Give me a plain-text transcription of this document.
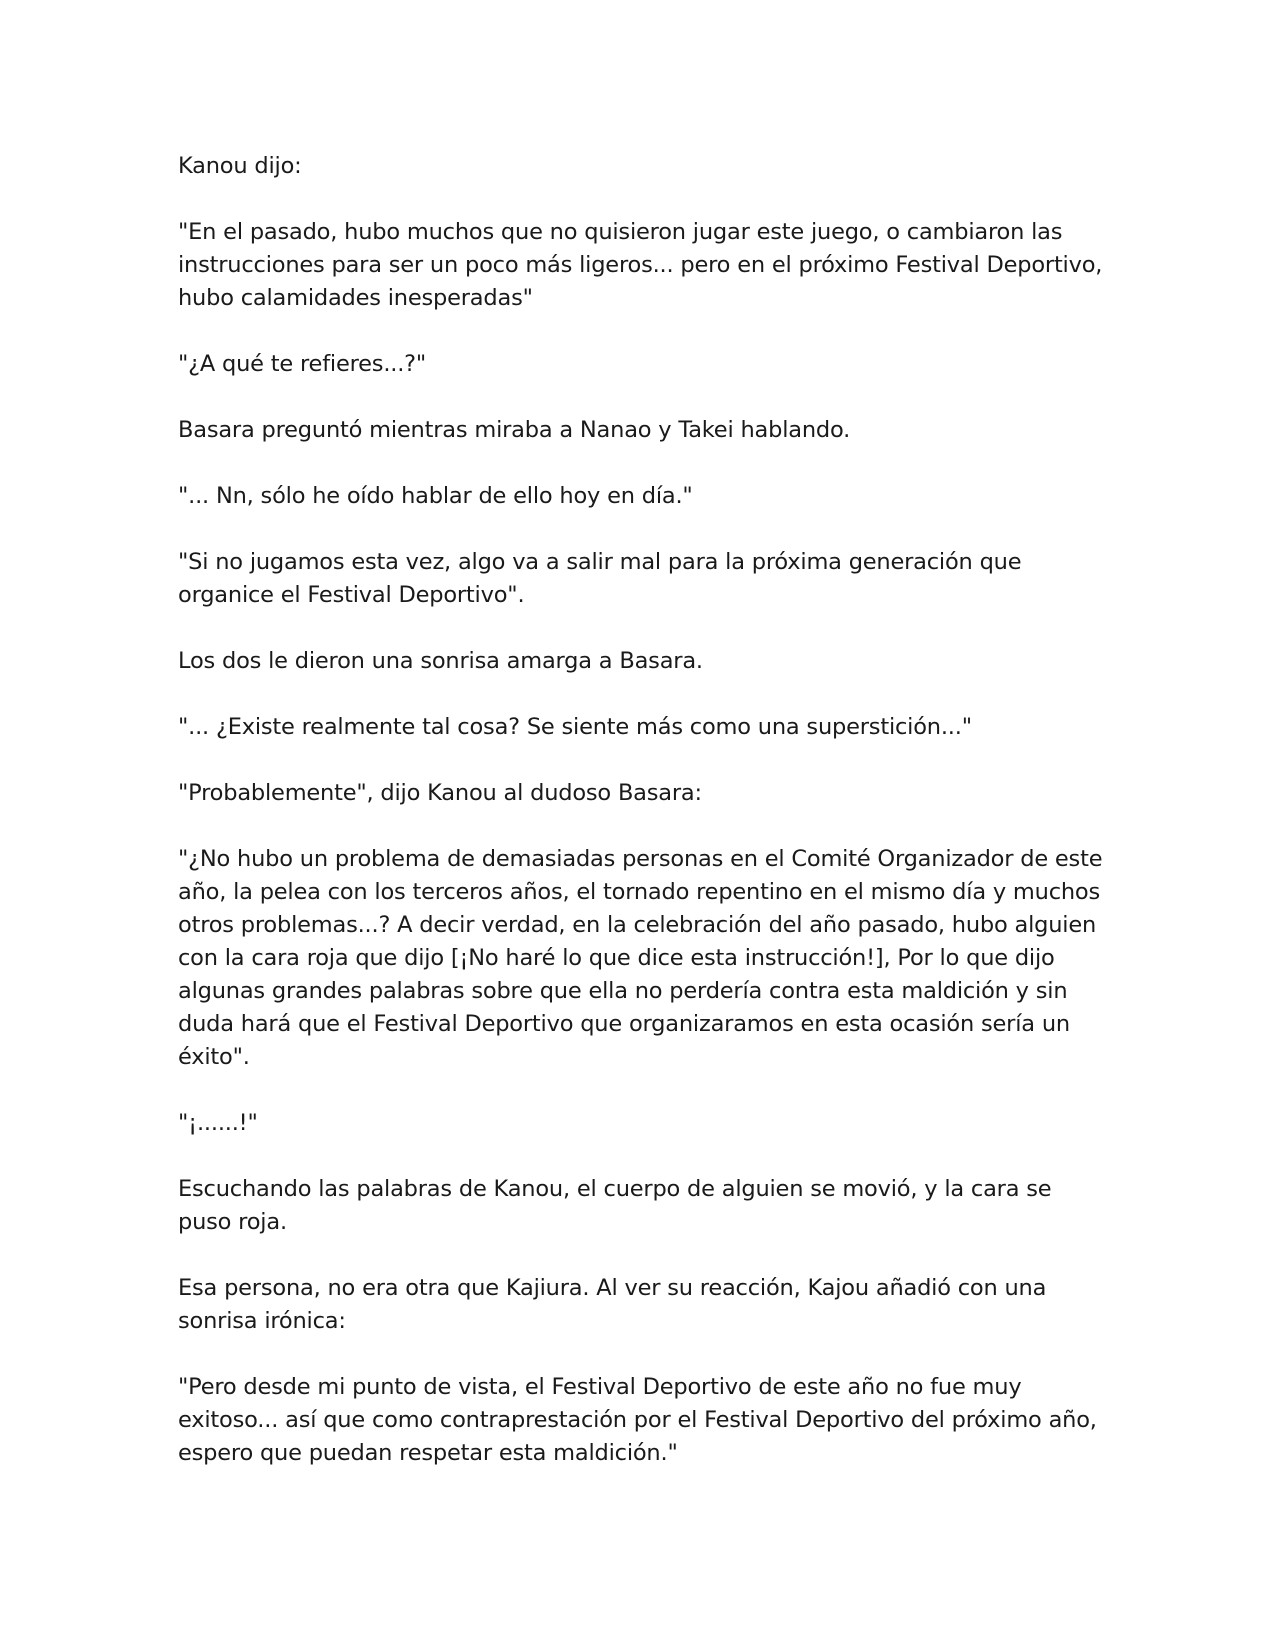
Kanou dijo:

"En el pasado, hubo muchos que no quisieron jugar este juego, o cambiaron las instrucciones para ser un poco más ligeros... pero en el próximo Festival Deportivo, hubo calamidades inesperadas"

"¿A qué te refieres...?"

Basara preguntó mientras miraba a Nanao y Takei hablando.

"... Nn, sólo he oído hablar de ello hoy en día."

"Si no jugamos esta vez, algo va a salir mal para la próxima generación que organice el Festival Deportivo".

Los dos le dieron una sonrisa amarga a Basara.

"... ¿Existe realmente tal cosa? Se siente más como una superstición..."

"Probablemente", dijo Kanou al dudoso Basara:

"¿No hubo un problema de demasiadas personas en el Comité Organizador de este año, la pelea con los terceros años, el tornado repentino en el mismo día y muchos otros problemas...? A decir verdad, en la celebración del año pasado, hubo alguien con la cara roja que dijo [¡No haré lo que dice esta instrucción!], Por lo que dijo algunas grandes palabras sobre que ella no perdería contra esta maldición y sin duda hará que el Festival Deportivo que organizaramos en esta ocasión sería un éxito".

"¡......!"

Escuchando las palabras de Kanou, el cuerpo de alguien se movió, y la cara se puso roja.

Esa persona, no era otra que Kajiura. Al ver su reacción, Kajou añadió con una sonrisa irónica:

"Pero desde mi punto de vista, el Festival Deportivo de este año no fue muy exitoso... así que como contraprestación por el Festival Deportivo del próximo año, espero que puedan respetar esta maldición."
